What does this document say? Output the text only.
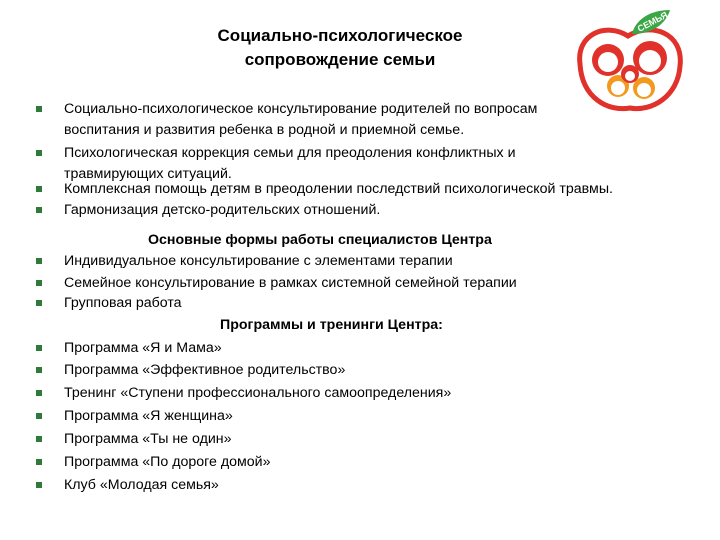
Социально-психологическое
сопровождение семьи
СЕМЬЯ
Социально-психологическое консультирование родителей по вопросам
воспитания и развития ребенка в родной и приемной семье.
Психологическая коррекция семьи для преодоления конфликтных и
травмирующих ситуаций.
Комплексная помощь детям в преодолении последствий психологической травмы.
Гармонизация детско-родительских отношений.
Основные формы работы специалистов Центра
Индивидуальное консультирование с элементами терапии
Семейное консультирование в рамках системной семейной терапии
Групповая работа
Программы и тренинги Центра:
Программа «Я и Мама»
Программа «Эффективное родительство»
Тренинг «Ступени профессионального самоопределения»
Программа «Я женщина»
Программа «Ты не один»
Программа «По дороге домой»
Клуб «Молодая семья»
